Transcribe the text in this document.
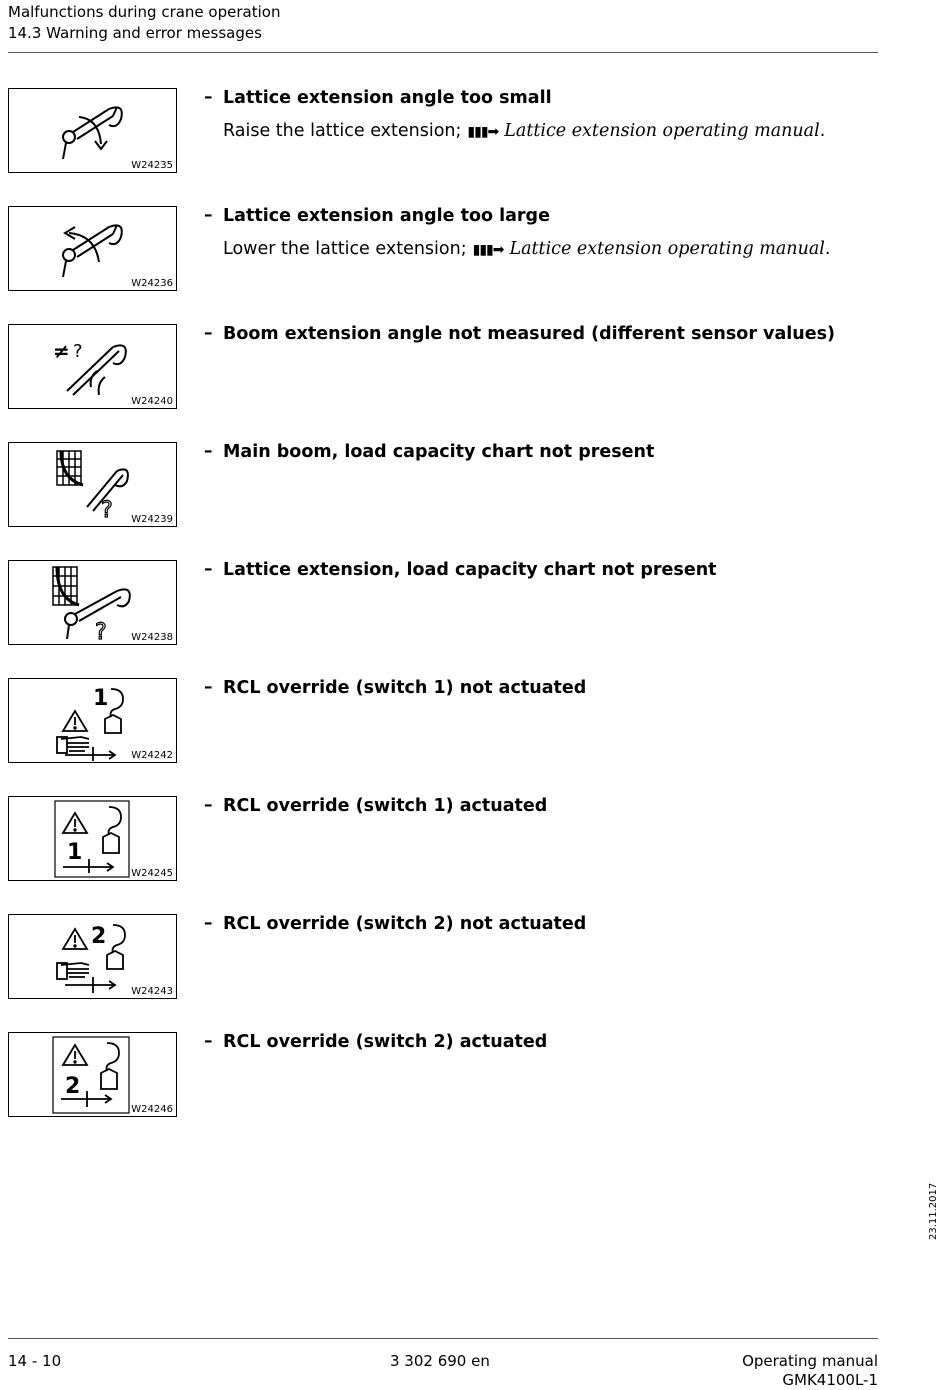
Malfunctions during crane operation
14.3 Warning and error messages
W24235
– Lattice extension angle too small
Raise the lattice extension; ▮▮▮➡ Lattice extension operating manual.
W24236
– Lattice extension angle too large
Lower the lattice extension; ▮▮▮➡ Lattice extension operating manual.
≠ ?
W24240
– Boom extension angle not measured (different sensor values)
? W24239
– Main boom, load capacity chart not present
? W24238
– Lattice extension, load capacity chart not present
1
W24242
– RCL override (switch 1) not actuated
1
W24245
– RCL override (switch 1) actuated
2
W24243
– RCL override (switch 2) not actuated
2
W24246
– RCL override (switch 2) actuated
23.11.2017
14 - 10	3 302 690 en	Operating manual
GMK4100L-1
